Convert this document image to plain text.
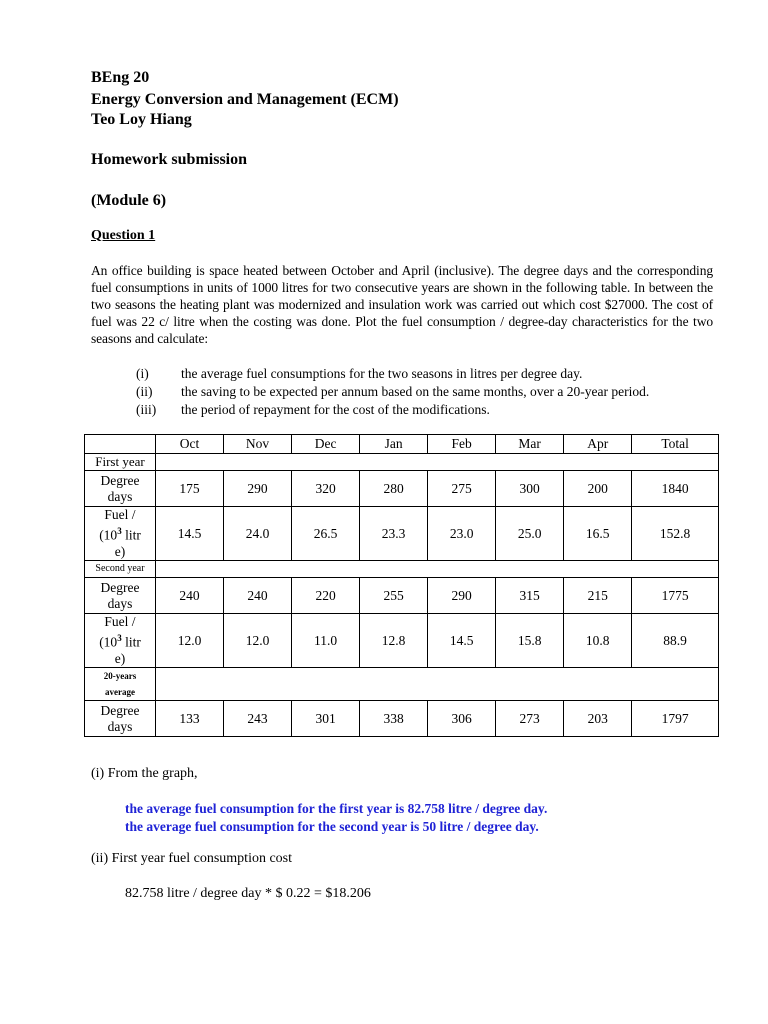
BEng 20
Energy Conversion and Management (ECM)
Teo Loy Hiang
Homework submission
(Module 6)
Question 1
An office building is space heated between October and April (inclusive). The degree days and the corresponding fuel consumptions in units of 1000 litres for two consecutive years are shown in the following table. In between the two seasons the heating plant was modernized and insulation work was carried out which cost $27000. The cost of fuel was 22 c/ litre when the costing was done. Plot the fuel consumption / degree-day characteristics for the two seasons and calculate:
(i) the average fuel consumptions for the two seasons in litres per degree day.
(ii) the saving to be expected per annum based on the same months, over a 20-year period.
(iii) the period of repayment for the cost of the modifications.
	Oct	Nov	Dec	Jan	Feb	Mar	Apr	Total
First year								
Degree
days	175	290	320	280	275	300	200	1840
Fuel /
($10^3$ litr
e)	14.5	24.0	26.5	23.3	23.0	25.0	16.5	152.8
Second year								
Degree
days	240	240	220	255	290	315	215	1775
Fuel /
($10^3$ litr
e)	12.0	12.0	11.0	12.8	14.5	15.8	10.8	88.9
20-years
average								
Degree
days	133	243	301	338	306	273	203	1797
(i) From the graph,
the average fuel consumption for the first year is 82.758 litre / degree day.
the average fuel consumption for the second year is 50 litre / degree day.
(ii) First year fuel consumption cost
82.758 litre / degree day * $ 0.22 = $18.206
